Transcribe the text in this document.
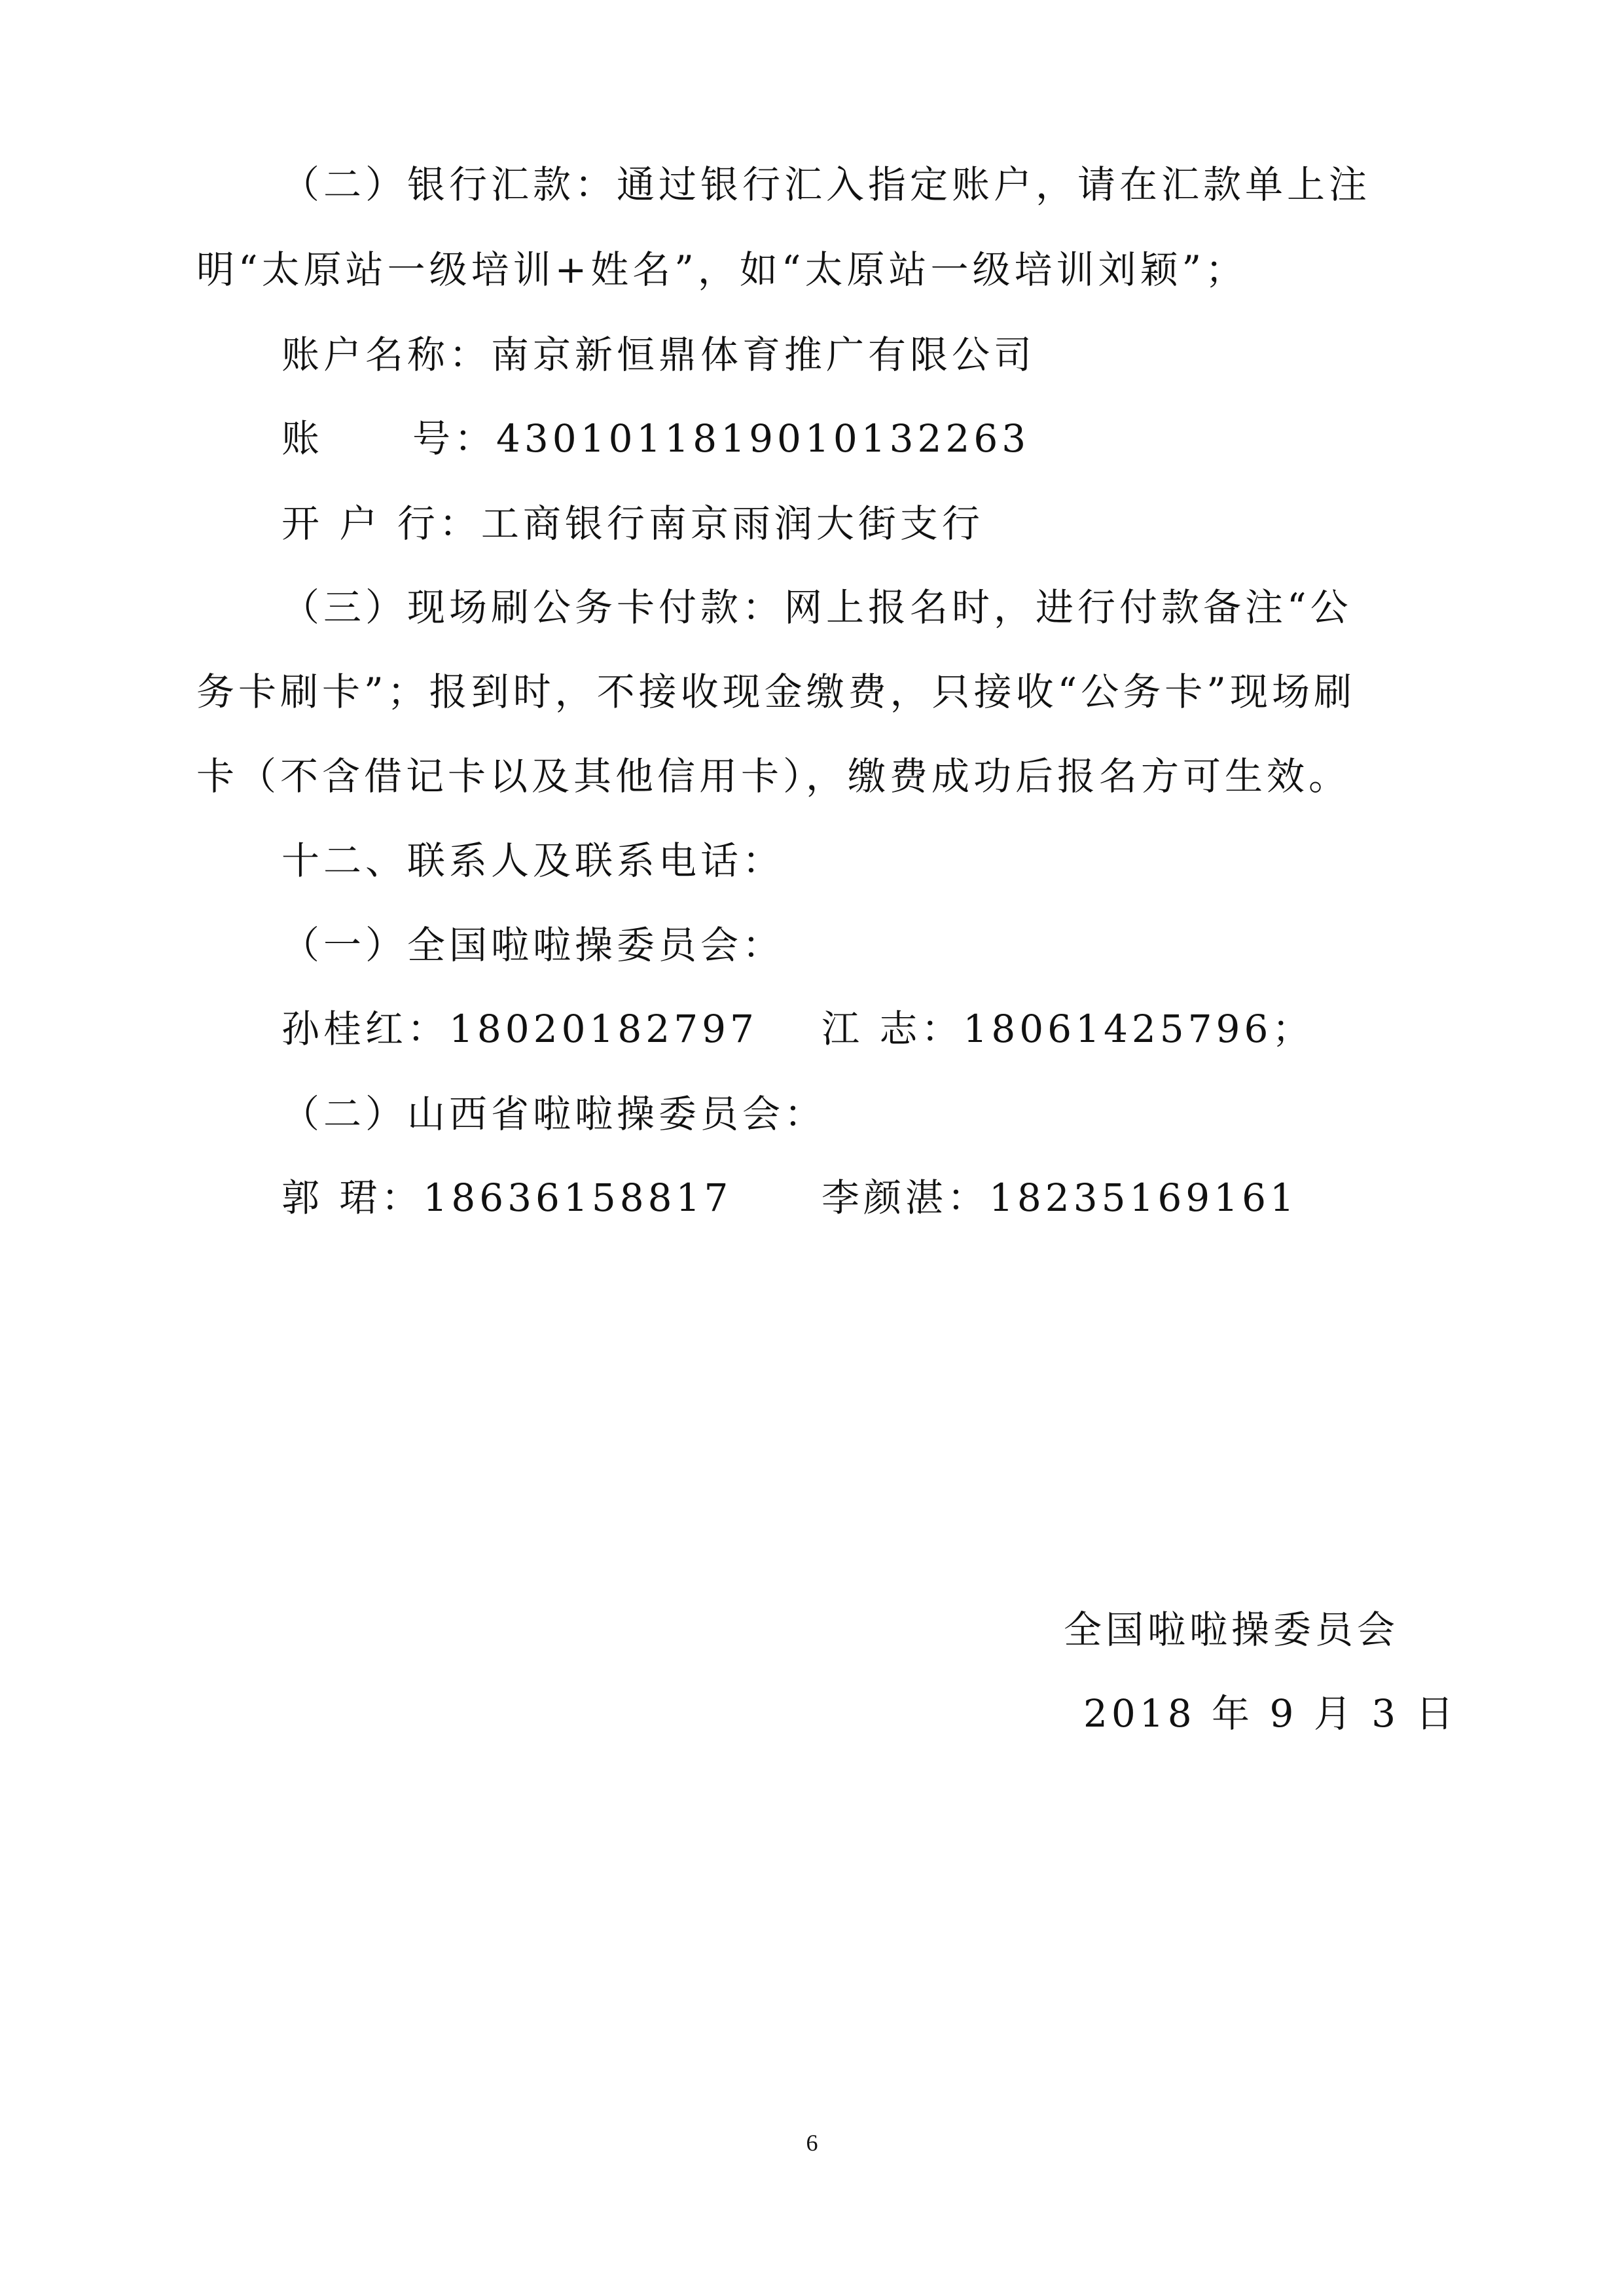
（二）银行汇款：通过银行汇入指定账户，请在汇款单上注
明“太原站一级培训+姓名”，如“太原站一级培训刘颖”；
账户名称：南京新恒鼎体育推广有限公司
账 号：4301011819010132263
开 户 行：工商银行南京雨润大街支行
（三）现场刷公务卡付款：网上报名时，进行付款备注“公
务卡刷卡”；报到时，不接收现金缴费，只接收“公务卡”现场刷
卡（不含借记卡以及其他信用卡），缴费成功后报名方可生效。
十二、联系人及联系电话：
（一）全国啦啦操委员会：
孙桂红：18020182797 江 志：18061425796；
（二）山西省啦啦操委员会：
郭 珺：18636158817 李颜湛：18235169161
全国啦啦操委员会
2018 年 9 月 3 日
6
